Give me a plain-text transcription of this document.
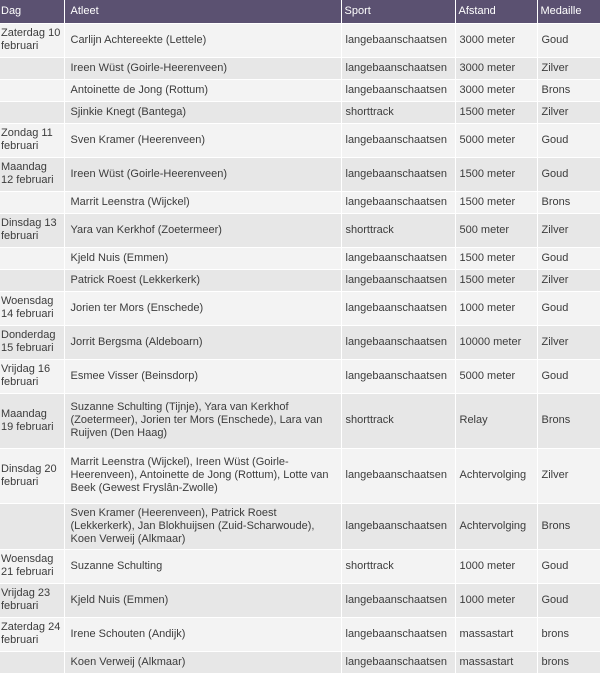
Dag	Atleet	Sport	Afstand	Medaille
Zaterdag 10 februari	Carlijn Achtereekte (Lettele)	langebaanschaatsen	3000 meter	Goud
	Ireen Wüst (Goirle-Heerenveen)	langebaanschaatsen	3000 meter	Zilver
	Antoinette de Jong (Rottum)	langebaanschaatsen	3000 meter	Brons
	Sjinkie Knegt (Bantega)	shorttrack	1500 meter	Zilver
Zondag 11 februari	Sven Kramer (Heerenveen)	langebaanschaatsen	5000 meter	Goud
Maandag 12 februari	Ireen Wüst (Goirle-Heerenveen)	langebaanschaatsen	1500 meter	Goud
	Marrit Leenstra (Wijckel)	langebaanschaatsen	1500 meter	Brons
Dinsdag 13 februari	Yara van Kerkhof (Zoetermeer)	shorttrack	500 meter	Zilver
	Kjeld Nuis (Emmen)	langebaanschaatsen	1500 meter	Goud
	Patrick Roest (Lekkerkerk)	langebaanschaatsen	1500 meter	Zilver
Woensdag 14 februari	Jorien ter Mors (Enschede)	langebaanschaatsen	1000 meter	Goud
Donderdag 15 februari	Jorrit Bergsma (Aldeboarn)	langebaanschaatsen	10000 meter	Zilver
Vrijdag 16 februari	Esmee Visser (Beinsdorp)	langebaanschaatsen	5000 meter	Goud
Maandag 19 februari	Suzanne Schulting (Tijnje), Yara van Kerkhof (Zoetermeer), Jorien ter Mors (Enschede), Lara van Ruijven (Den Haag)	shorttrack	Relay	Brons
Dinsdag 20 februari	Marrit Leenstra (Wijckel), Ireen Wüst (Goirle-Heerenveen), Antoinette de Jong (Rottum), Lotte van Beek (Gewest Fryslân-Zwolle)	langebaanschaatsen	Achtervolging	Zilver
	Sven Kramer (Heerenveen), Patrick Roest (Lekkerkerk), Jan Blokhuijsen (Zuid-Scharwoude), Koen Verweij (Alkmaar)	langebaanschaatsen	Achtervolging	Brons
Woensdag 21 februari	Suzanne Schulting	shorttrack	1000 meter	Goud
Vrijdag 23 februari	Kjeld Nuis (Emmen)	langebaanschaatsen	1000 meter	Goud
Zaterdag 24 februari	Irene Schouten (Andijk)	langebaanschaatsen	massastart	brons
	Koen Verweij (Alkmaar)	langebaanschaatsen	massastart	brons
